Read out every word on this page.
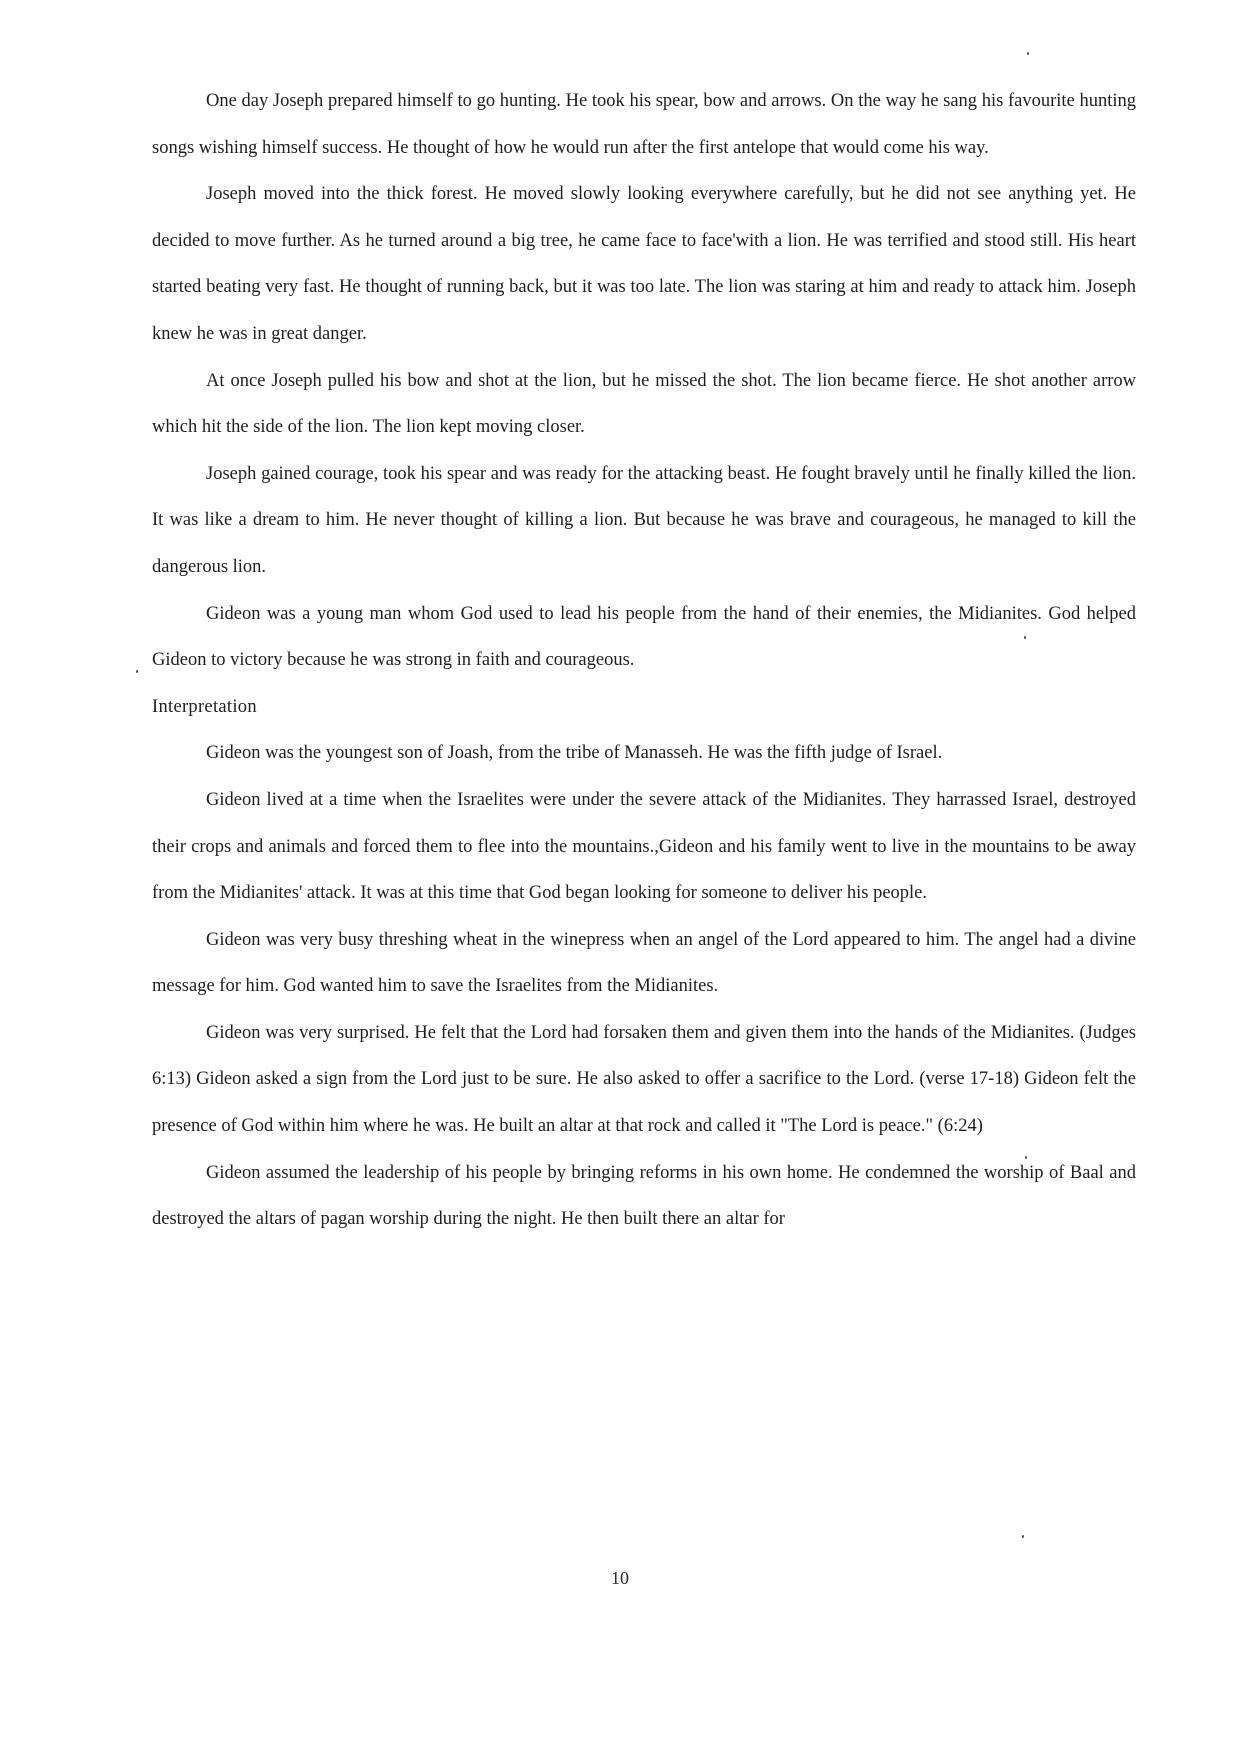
One day Joseph prepared himself to go hunting. He took his spear, bow and arrows. On the way he sang his favourite hunting songs wishing himself success. He thought of how he would run after the first antelope that would come his way.

Joseph moved into the thick forest. He moved slowly looking everywhere carefully, but he did not see anything yet. He decided to move further. As he turned around a big tree, he came face to face'with a lion. He was terrified and stood still. His heart started beating very fast. He thought of running back, but it was too late. The lion was staring at him and ready to attack him. Joseph knew he was in great danger.

At once Joseph pulled his bow and shot at the lion, but he missed the shot. The lion became fierce. He shot another arrow which hit the side of the lion. The lion kept moving closer.

Joseph gained courage, took his spear and was ready for the attacking beast. He fought bravely until he finally killed the lion. It was like a dream to him. He never thought of killing a lion. But because he was brave and courageous, he managed to kill the dangerous lion.

Gideon was a young man whom God used to lead his people from the hand of their enemies, the Midianites. God helped Gideon to victory because he was strong in faith and courageous.

Interpretation

Gideon was the youngest son of Joash, from the tribe of Manasseh. He was the fifth judge of Israel.

Gideon lived at a time when the Israelites were under the severe attack of the Midianites. They harrassed Israel, destroyed their crops and animals and forced them to flee into the mountains.,Gideon and his family went to live in the mountains to be away from the Midianites' attack. It was at this time that God began looking for someone to deliver his people.

Gideon was very busy threshing wheat in the winepress when an angel of the Lord appeared to him. The angel had a divine message for him. God wanted him to save the Israelites from the Midianites.

Gideon was very surprised. He felt that the Lord had forsaken them and given them into the hands of the Midianites. (Judges 6:13) Gideon asked a sign from the Lord just to be sure. He also asked to offer a sacrifice to the Lord. (verse 17-18) Gideon felt the presence of God within him where he was. He built an altar at that rock and called it "The Lord is peace." (6:24)

Gideon assumed the leadership of his people by bringing reforms in his own home. He condemned the worship of Baal and destroyed the altars of pagan worship during the night. He then built there an altar for

10
